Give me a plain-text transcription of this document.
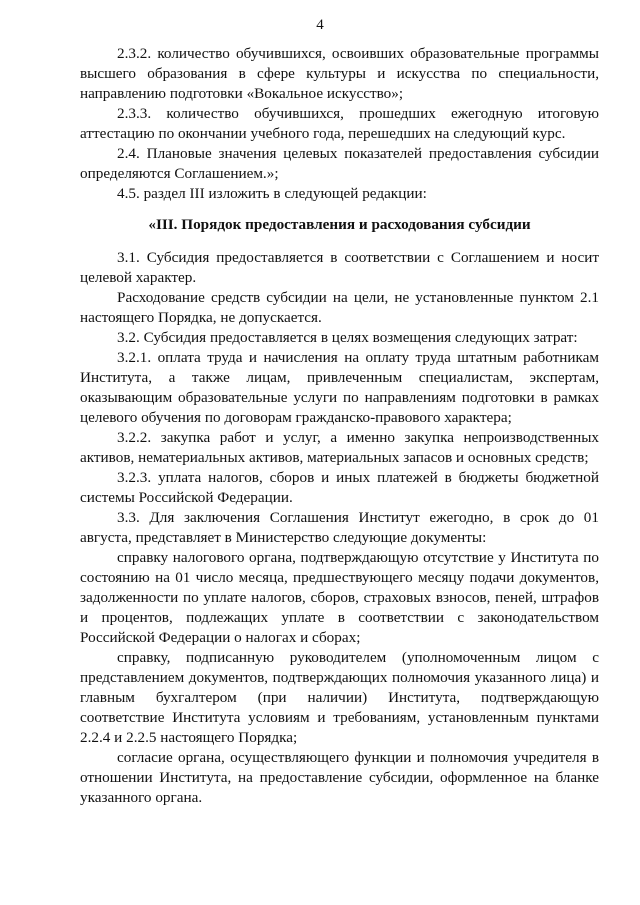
4

2.3.2. количество обучившихся, освоивших образовательные программы высшего образования в сфере культуры и искусства по специальности, направлению подготовки «Вокальное искусство»;

2.3.3. количество обучившихся, прошедших ежегодную итоговую аттестацию по окончании учебного года, перешедших на следующий курс.

2.4. Плановые значения целевых показателей предоставления субсидии определяются Соглашением.»;

4.5. раздел III изложить в следующей редакции:

«III. Порядок предоставления и расходования субсидии

3.1. Субсидия предоставляется в соответствии с Соглашением и носит целевой характер.

Расходование средств субсидии на цели, не установленные пунктом 2.1 настоящего Порядка, не допускается.

3.2. Субсидия предоставляется в целях возмещения следующих затрат:

3.2.1. оплата труда и начисления на оплату труда штатным работникам Института, а также лицам, привлеченным специалистам, экспертам, оказывающим образовательные услуги по направлениям подготовки в рамках целевого обучения по договорам гражданско-правового характера;

3.2.2. закупка работ и услуг, а именно закупка непроизводственных активов, нематериальных активов, материальных запасов и основных средств;

3.2.3. уплата налогов, сборов и иных платежей в бюджеты бюджетной системы Российской Федерации.

3.3. Для заключения Соглашения Институт ежегодно, в срок до 01 августа, представляет в Министерство следующие документы:

справку налогового органа, подтверждающую отсутствие у Института по состоянию на 01 число месяца, предшествующего месяцу подачи документов, задолженности по уплате налогов, сборов, страховых взносов, пеней, штрафов и процентов, подлежащих уплате в соответствии с законодательством Российской Федерации о налогах и сборах;

справку, подписанную руководителем (уполномоченным лицом с представлением документов, подтверждающих полномочия указанного лица) и главным бухгалтером (при наличии) Института, подтверждающую соответствие Института условиям и требованиям, установленным пунктами 2.2.4 и 2.2.5 настоящего Порядка;

согласие органа, осуществляющего функции и полномочия учредителя в отношении Института, на предоставление субсидии, оформленное на бланке указанного органа.
